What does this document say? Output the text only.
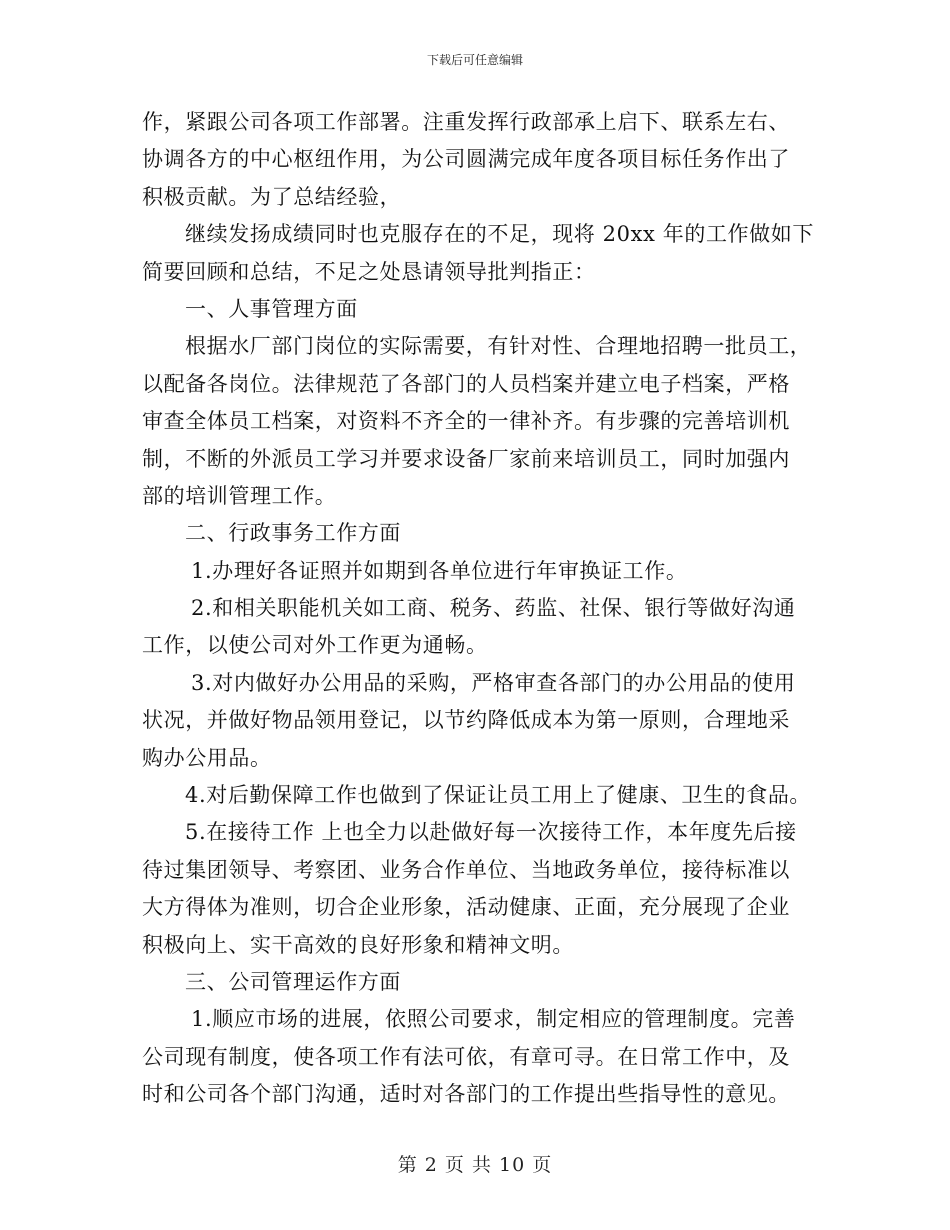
下载后可任意编辑
作，紧跟公司各项工作部署。注重发挥行政部承上启下、联系左右、
协调各方的中心枢纽作用，为公司圆满完成年度各项目标任务作出了
积极贡献。为了总结经验，
继续发扬成绩同时也克服存在的不足，现将 20xx 年的工作做如下
简要回顾和总结，不足之处恳请领导批判指正：
一、人事管理方面
根据水厂部门岗位的实际需要，有针对性、合理地招聘一批员工，
以配备各岗位。法律规范了各部门的人员档案并建立电子档案，严格
审查全体员工档案，对资料不齐全的一律补齐。有步骤的完善培训机
制，不断的外派员工学习并要求设备厂家前来培训员工，同时加强内
部的培训管理工作。
二、行政事务工作方面
1.办理好各证照并如期到各单位进行年审换证工作。
2.和相关职能机关如工商、税务、药监、社保、银行等做好沟通
工作，以使公司对外工作更为通畅。
3.对内做好办公用品的采购，严格审查各部门的办公用品的使用
状况，并做好物品领用登记，以节约降低成本为第一原则，合理地采
购办公用品。
4.对后勤保障工作也做到了保证让员工用上了健康、卫生的食品。
5.在接待工作 上也全力以赴做好每一次接待工作，本年度先后接
待过集团领导、考察团、业务合作单位、当地政务单位，接待标准以
大方得体为准则，切合企业形象，活动健康、正面，充分展现了企业
积极向上、实干高效的良好形象和精神文明。
三、公司管理运作方面
1.顺应市场的进展，依照公司要求，制定相应的管理制度。完善
公司现有制度，使各项工作有法可依，有章可寻。在日常工作中，及
时和公司各个部门沟通，适时对各部门的工作提出些指导性的意见。
第 2 页 共 10 页
